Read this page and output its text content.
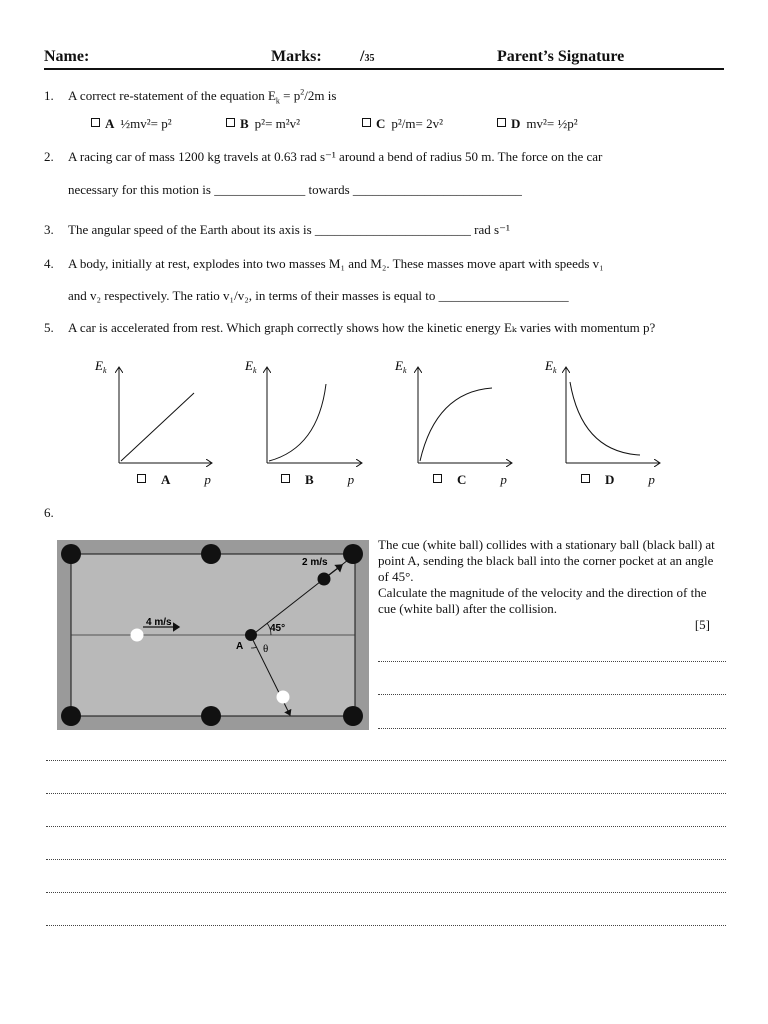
Name:	Marks: /35	Parent’s Signature
1. A correct re-statement of the equation $E_k = p^2/2m$ is
A ½mv²= p²	B p²= m²v²	C p²/m= 2v²	D mv²= ½p²
2. A racing car of mass 1200 kg travels at 0.63 rad s⁻¹ around a bend of radius 50 m. The force on the car
necessary for this motion is ______________ towards __________________________
3. The angular speed of the Earth about its axis is ________________________ rad s⁻¹
4. A body, initially at rest, explodes into two masses M₁ and M₂. These masses move apart with speeds v₁
and v₂ respectively. The ratio v₁/v₂, in terms of their masses is equal to ____________________
5. A car is accelerated from rest. Which graph correctly shows how the kinetic energy Eₖ varies with momentum p?
$E_k$	$E_k$	$E_k$	$E_k$
A	p	B	p	C	p	D	p
6.
4 m/s
2 m/s
45°
A θ
The cue (white ball) collides with a stationary ball (black ball) at point A, sending the black ball into the corner pocket at an angle of 45°.
Calculate the magnitude of the velocity and the direction of the cue (white ball) after the collision.
[5]
